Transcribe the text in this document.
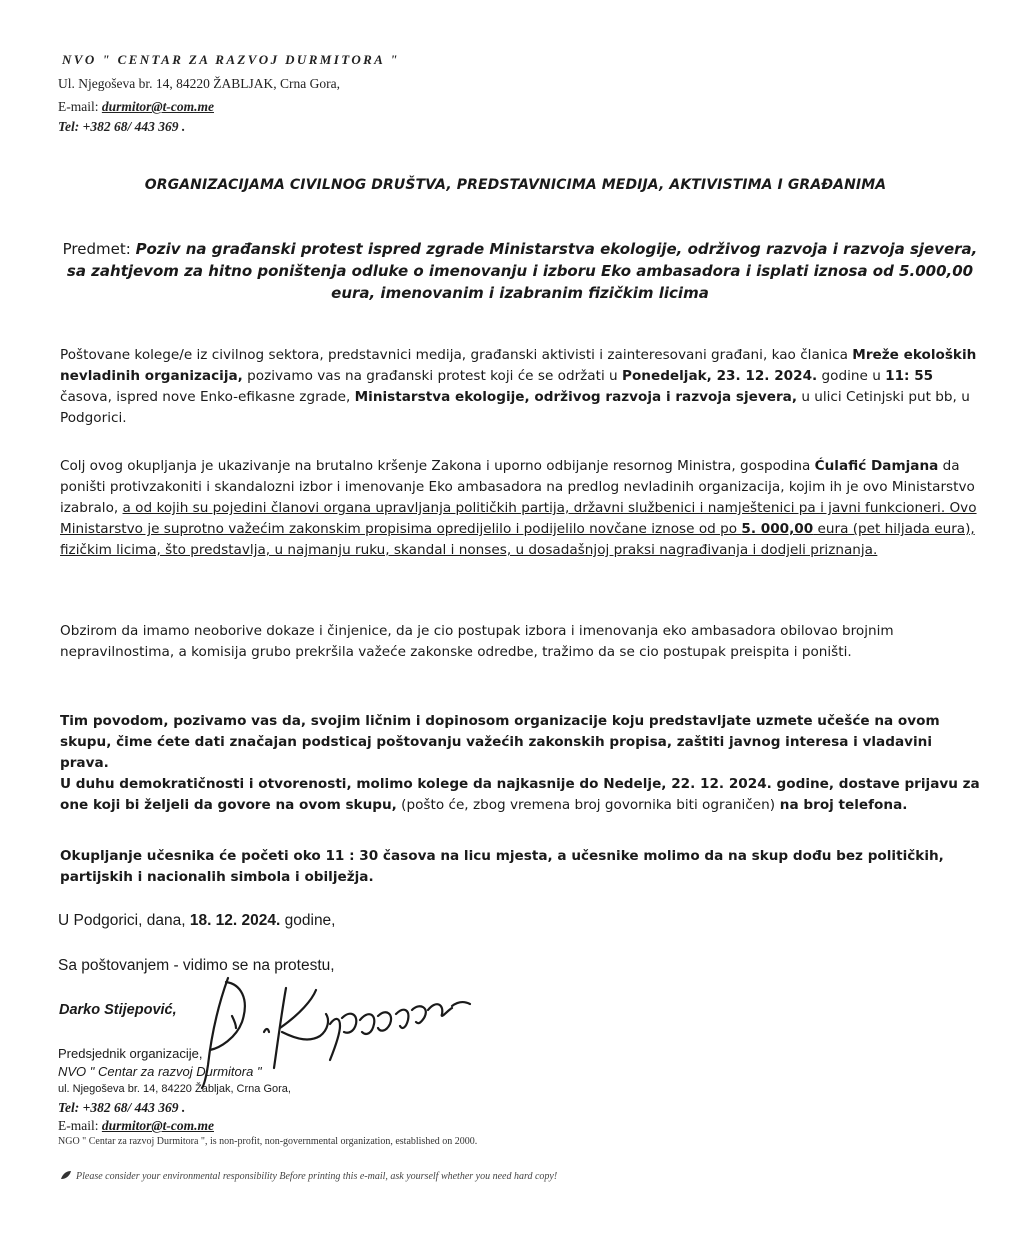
NVO " CENTAR ZA RAZVOJ DURMITORA "
Ul. Njegoševa br. 14, 84220 ŽABLJAK, Crna Gora,
E-mail: durmitor@t-com.me
Tel: +382 68/ 443 369 .
ORGANIZACIJAMA CIVILNOG DRUŠTVA, PREDSTAVNICIMA MEDIJA, AKTIVISTIMA I GRAĐANIMA
Predmet: Poziv na građanski protest ispred zgrade Ministarstva ekologije, održivog razvoja i razvoja sjevera, sa zahtjevom za hitno poništenja odluke o imenovanju i izboru Eko ambasadora i isplati iznosa od 5.000,00 eura, imenovanim i izabranim fizičkim licima
Poštovane kolege/e iz civilnog sektora, predstavnici medija, građanski aktivisti i zainteresovani građani, kao članica Mreže ekoloških nevladinih organizacija, pozivamo vas na građanski protest koji će se održati u Ponedeljak, 23. 12. 2024. godine u 11: 55 časova, ispred nove Enko-efikasne zgrade, Ministarstva ekologije, održivog razvoja i razvoja sjevera, u ulici Cetinjski put bb, u Podgorici.
Colj ovog okupljanja je ukazivanje na brutalno kršenje Zakona i uporno odbijanje resornog Ministra, gospodina Ćulafić Damjana da poništi protivzakoniti i skandalozni izbor i imenovanje Eko ambasadora na predlog nevladinih organizacija, kojim ih je ovo Ministarstvo izabralo, a od kojih su pojedini članovi organa upravljanja političkih partija, državni službenici i namještenici pa i javni funkcioneri. Ovo Ministarstvo je suprotno važećim zakonskim propisima opredijelilo i podijelilo novčane iznose od po 5. 000,00 eura (pet hiljada eura), fizičkim licima, što predstavlja, u najmanju ruku, skandal i nonses, u dosadašnjoj praksi nagrađivanja i dodjeli priznanja.
Obzirom da imamo neoborive dokaze i činjenice, da je cio postupak izbora i imenovanja eko ambasadora obilovao brojnim nepravilnostima, a komisija grubo prekršila važeće zakonske odredbe, tražimo da se cio postupak preispita i poništi.
Tim povodom, pozivamo vas da, svojim ličnim i dopinosom organizacije koju predstavljate uzmete učešće na ovom skupu, čime ćete dati značajan podsticaj poštovanju važećih zakonskih propisa, zaštiti javnog interesa i vladavini prava.
U duhu demokratičnosti i otvorenosti, molimo kolege da najkasnije do Nedelje, 22. 12. 2024. godine, dostave prijavu za one koji bi željeli da govore na ovom skupu, (pošto će, zbog vremena broj govornika biti ograničen) na broj telefona.
Okupljanje učesnika će početi oko 11 : 30 časova na licu mjesta, a učesnike molimo da na skup dođu bez političkih, partijskih i nacionalih simbola i obilježja.
U Podgorici, dana, 18. 12. 2024. godine,
Sa poštovanjem - vidimo se na protestu,
Darko Stijepović,
Predsjednik organizacije,
NVO " Centar za razvoj Durmitora "
ul. Njegoševa br. 14, 84220 Žabljak, Crna Gora,
Tel: +382 68/ 443 369 .
E-mail: durmitor@t-com.me
NGO " Centar za razvoj Durmitora ", is non-profit, non-governmental organization, established on 2000.
Please consider your environmental responsibility Before printing this e-mail, ask yourself whether you need hard copy!
